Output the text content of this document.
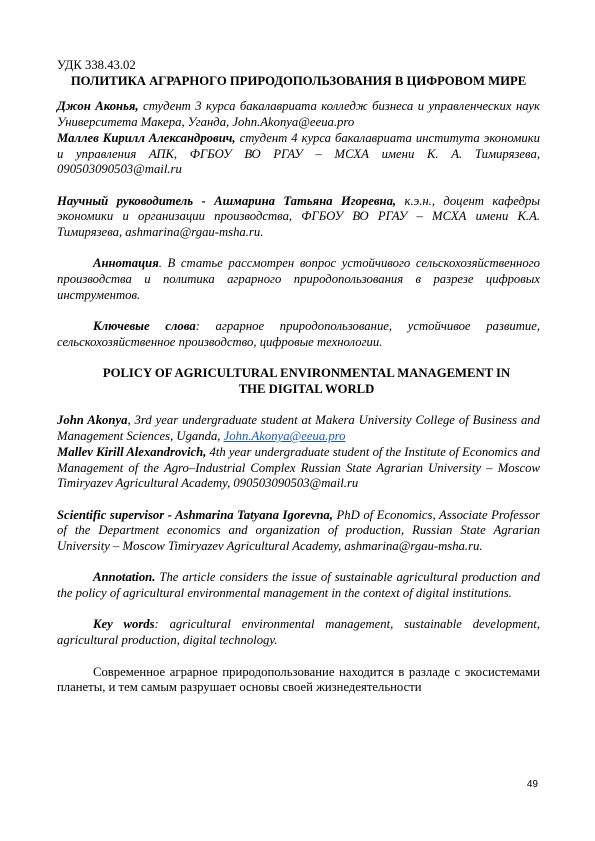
УДК 338.43.02

ПОЛИТИКА АГРАРНОГО ПРИРОДОПОЛЬЗОВАНИЯ В ЦИФРОВОМ МИРЕ

Джон Аконья, студент 3 курса бакалавриата колледж бизнеса и управленческих наук Университета Макера, Уганда, John.Akonya@eeua.pro

Маллев Кирилл Александрович, студент 4 курса бакалавриата института экономики и управления АПК, ФГБОУ ВО РГАУ – МСХА имени К. А. Тимирязева, 090503090503@mail.ru

Научный руководитель - Ашмарина Татьяна Игоревна, к.э.н., доцент кафедры экономики и организации производства, ФГБОУ ВО РГАУ – МСХА имени К.А. Тимирязева, ashmarina@rgau-msha.ru.

Аннотация. В статье рассмотрен вопрос устойчивого сельскохозяйственного производства и политика аграрного природопользования в разрезе цифровых инструментов.

Ключевые слова: аграрное природопользование, устойчивое развитие, сельскохозяйственное производство, цифровые технологии.

POLICY OF AGRICULTURAL ENVIRONMENTAL MANAGEMENT IN THE DIGITAL WORLD

John Akonya, 3rd year undergraduate student at Makera University College of Business and Management Sciences, Uganda, John.Akonya@eeua.pro

Mallev Kirill Alexandrovich, 4th year undergraduate student of the Institute of Economics and Management of the Agro–Industrial Complex Russian State Agrarian University – Moscow Timiryazev Agricultural Academy, 090503090503@mail.ru

Scientific supervisor - Ashmarina Tatyana Igorevna, PhD of Economics, Associate Professor of the Department economics and organization of production, Russian State Agrarian University – Moscow Timiryazev Agricultural Academy, ashmarina@rgau-msha.ru.

Annotation. The article considers the issue of sustainable agricultural production and the policy of agricultural environmental management in the context of digital institutions.

Key words: agricultural environmental management, sustainable development, agricultural production, digital technology.

Современное аграрное природопользование находится в разладе с экосистемами планеты, и тем самым разрушает основы своей жизнедеятельности

49
